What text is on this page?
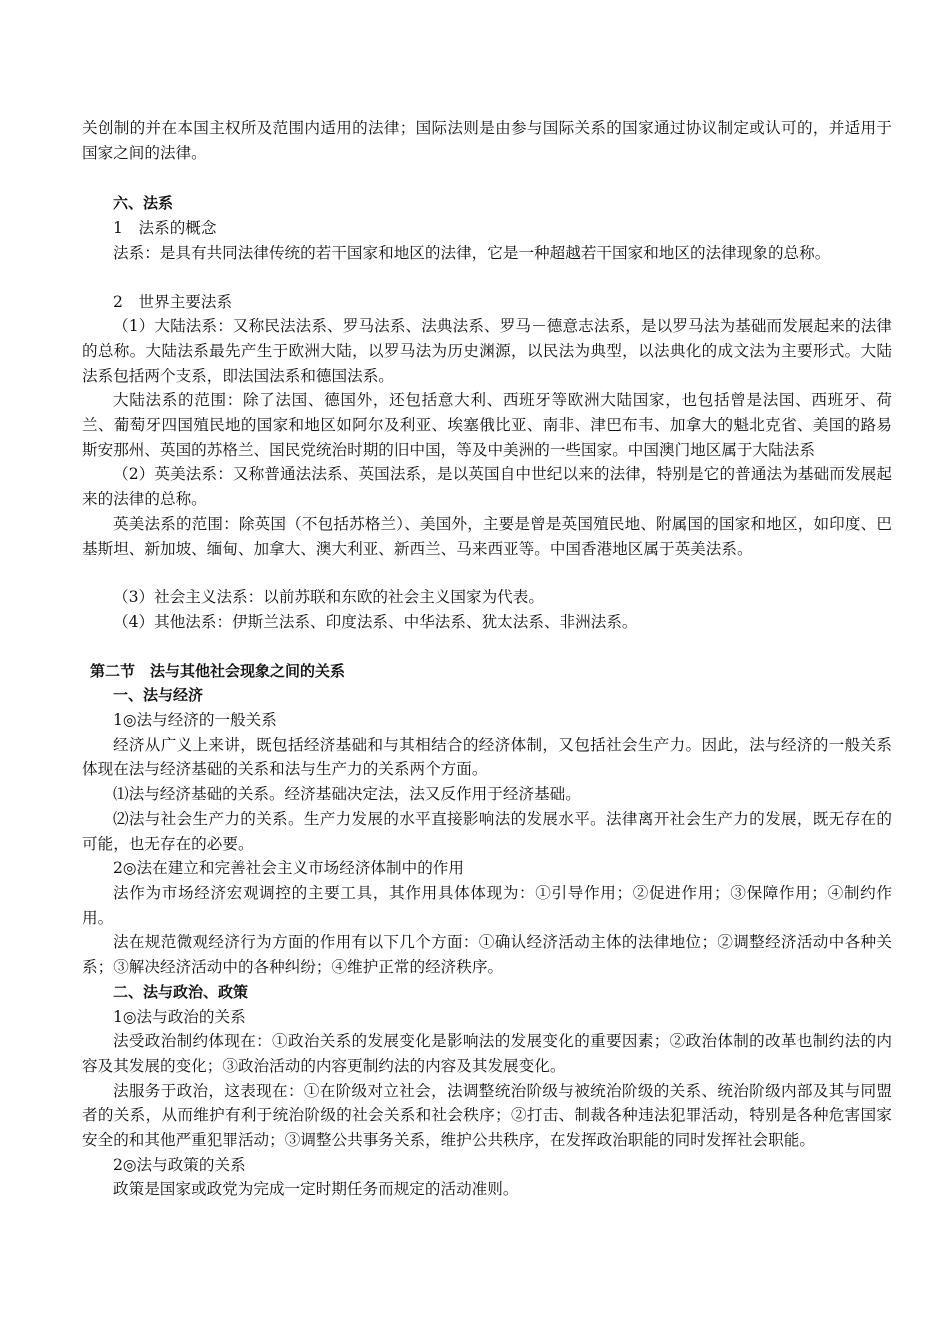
关创制的并在本国主权所及范围内适用的法律；国际法则是由参与国际关系的国家通过协议制定或认可的，并适用于国家之间的法律。

六、法系

1　法系的概念

法系：是具有共同法律传统的若干国家和地区的法律，它是一种超越若干国家和地区的法律现象的总称。

2　世界主要法系

（1）大陆法系：又称民法法系、罗马法系、法典法系、罗马－德意志法系，是以罗马法为基础而发展起来的法律的总称。大陆法系最先产生于欧洲大陆，以罗马法为历史渊源，以民法为典型，以法典化的成文法为主要形式。大陆法系包括两个支系，即法国法系和德国法系。

大陆法系的范围：除了法国、德国外，还包括意大利、西班牙等欧洲大陆国家，也包括曾是法国、西班牙、荷兰、葡萄牙四国殖民地的国家和地区如阿尔及利亚、埃塞俄比亚、南非、津巴布韦、加拿大的魁北克省、美国的路易斯安那州、英国的苏格兰、国民党统治时期的旧中国，等及中美洲的一些国家。中国澳门地区属于大陆法系

（2）英美法系：又称普通法法系、英国法系，是以英国自中世纪以来的法律，特别是它的普通法为基础而发展起来的法律的总称。

英美法系的范围：除英国（不包括苏格兰）、美国外，主要是曾是英国殖民地、附属国的国家和地区，如印度、巴基斯坦、新加坡、缅甸、加拿大、澳大利亚、新西兰、马来西亚等。中国香港地区属于英美法系。

（3）社会主义法系：以前苏联和东欧的社会主义国家为代表。

（4）其他法系：伊斯兰法系、印度法系、中华法系、犹太法系、非洲法系。

第二节　法与其他社会现象之间的关系

一、法与经济

1◎法与经济的一般关系

经济从广义上来讲，既包括经济基础和与其相结合的经济体制，又包括社会生产力。因此，法与经济的一般关系体现在法与经济基础的关系和法与生产力的关系两个方面。

⑴法与经济基础的关系。经济基础决定法，法又反作用于经济基础。

⑵法与社会生产力的关系。生产力发展的水平直接影响法的发展水平。法律离开社会生产力的发展，既无存在的可能，也无存在的必要。

2◎法在建立和完善社会主义市场经济体制中的作用

法作为市场经济宏观调控的主要工具，其作用具体体现为：①引导作用；②促进作用；③保障作用；④制约作用。

法在规范微观经济行为方面的作用有以下几个方面：①确认经济活动主体的法律地位；②调整经济活动中各种关系；③解决经济活动中的各种纠纷；④维护正常的经济秩序。

二、法与政治、政策

1◎法与政治的关系

法受政治制约体现在：①政治关系的发展变化是影响法的发展变化的重要因素；②政治体制的改革也制约法的内容及其发展的变化；③政治活动的内容更制约法的内容及其发展变化。

法服务于政治，这表现在：①在阶级对立社会，法调整统治阶级与被统治阶级的关系、统治阶级内部及其与同盟者的关系，从而维护有利于统治阶级的社会关系和社会秩序；②打击、制裁各种违法犯罪活动，特别是各种危害国家安全的和其他严重犯罪活动；③调整公共事务关系，维护公共秩序，在发挥政治职能的同时发挥社会职能。

2◎法与政策的关系

政策是国家或政党为完成一定时期任务而规定的活动准则。
